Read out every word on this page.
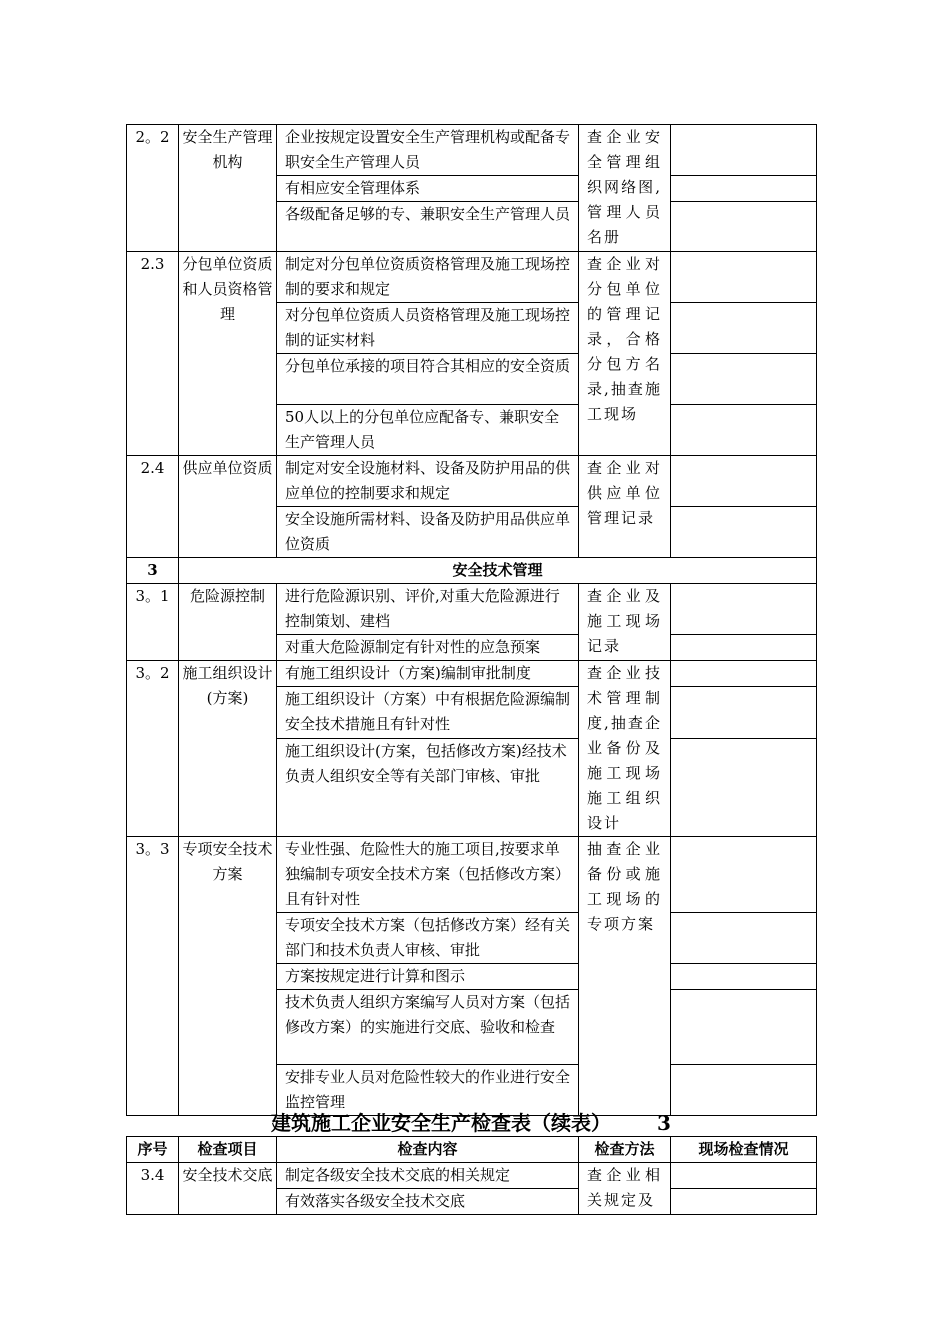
2。2	安全生产管理机构	企业按规定设置安全生产管理机构或配备专职安全生产管理人员	查企业安全管理组织网络图,管理人员名册	
		有相应安全管理体系		
		各级配备足够的专、兼职安全生产管理人员		
2.3	分包单位资质和人员资格管理	制定对分包单位资质资格管理及施工现场控制的要求和规定	查企业对分包单位的管理记录，合格分包方名录,抽查施工现场	
		对分包单位资质人员资格管理及施工现场控制的证实材料		
		分包单位承接的项目符合其相应的安全资质		
		50人以上的分包单位应配备专、兼职安全生产管理人员		
2.4	供应单位资质	制定对安全设施材料、设备及防护用品的供应单位的控制要求和规定	查企业对供应单位管理记录	
		安全设施所需材料、设备及防护用品供应单位资质		
3	安全技术管理			
3。1	危险源控制	进行危险源识别、评价,对重大危险源进行控制策划、建档	查企业及施工现场记录	
		对重大危险源制定有针对性的应急预案		
3。2	施工组织设计(方案)	有施工组织设计（方案)编制审批制度	查企业技术管理制度,抽查企业备份及施工现场施工组织设计	
		施工组织设计（方案）中有根据危险源编制安全技术措施且有针对性		
		施工组织设计(方案，包括修改方案)经技术负责人组织安全等有关部门审核、审批		
3。3	专项安全技术方案	专业性强、危险性大的施工项目,按要求单独编制专项安全技术方案（包括修改方案）且有针对性	抽查企业备份或施工现场的专项方案	
		专项安全技术方案（包括修改方案）经有关部门和技术负责人审核、审批		
		方案按规定进行计算和图示		
		技术负责人组织方案编写人员对方案（包括修改方案）的实施进行交底、验收和检查		
		安排专业人员对危险性较大的作业进行安全监控管理		
建筑施工企业安全生产检查表（续表） 3
序号	检查项目	检查内容	检查方法	现场检查情况
3.4	安全技术交底	制定各级安全技术交底的相关规定	查企业相关规定及	
		有效落实各级安全技术交底		
